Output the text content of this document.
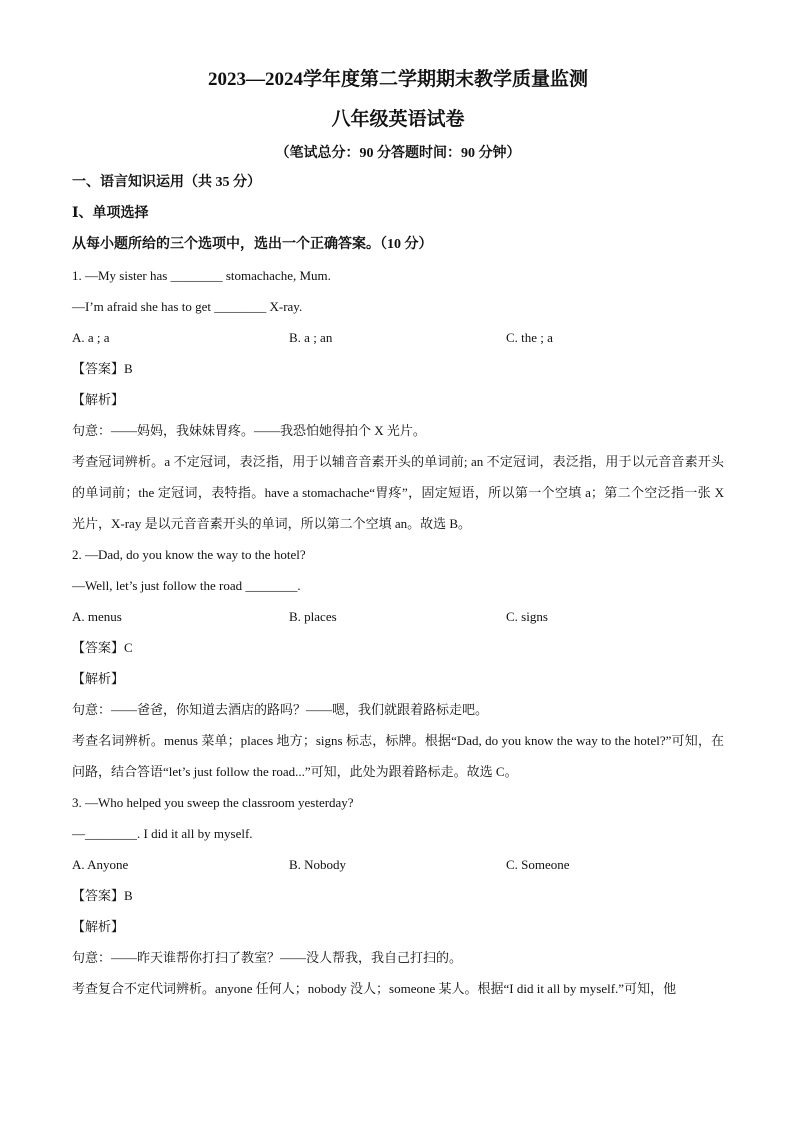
2023—2024学年度第二学期期末教学质量监测
八年级英语试卷
（笔试总分：90 分答题时间：90 分钟）
一、语言知识运用（共 35 分）
Ⅰ、单项选择
从每小题所给的三个选项中，选出一个正确答案。（10 分）
1. —My sister has ________ stomachache, Mum.
—I’m afraid she has to get ________ X-ray.
A. a ; a	B. a ; an	C. the ; a
【答案】B
【解析】
句意：——妈妈，我妹妹胃疼。——我恐怕她得拍个 X 光片。
考查冠词辨析。a 不定冠词，表泛指，用于以辅音音素开头的单词前; an 不定冠词，表泛指，用于以元音音素开头的单词前；the 定冠词，表特指。have a stomachache“胃疼”，固定短语，所以第一个空填 a；第二个空泛指一张 X 光片，X-ray 是以元音音素开头的单词，所以第二个空填 an。故选 B。
2. —Dad, do you know the way to the hotel?
—Well, let’s just follow the road ________.
A. menus	B. places	C. signs
【答案】C
【解析】
句意：——爸爸，你知道去酒店的路吗？——嗯，我们就跟着路标走吧。
考查名词辨析。menus 菜单；places 地方；signs 标志，标牌。根据“Dad, do you know the way to the hotel?”可知，在问路，结合答语“let’s just follow the road...”可知，此处为跟着路标走。故选 C。
3. —Who helped you sweep the classroom yesterday?
—________. I did it all by myself.
A. Anyone	B. Nobody	C. Someone
【答案】B
【解析】
句意：——昨天谁帮你打扫了教室？——没人帮我，我自己打扫的。
考查复合不定代词辨析。anyone 任何人；nobody 没人；someone 某人。根据“I did it all by myself.”可知，他
